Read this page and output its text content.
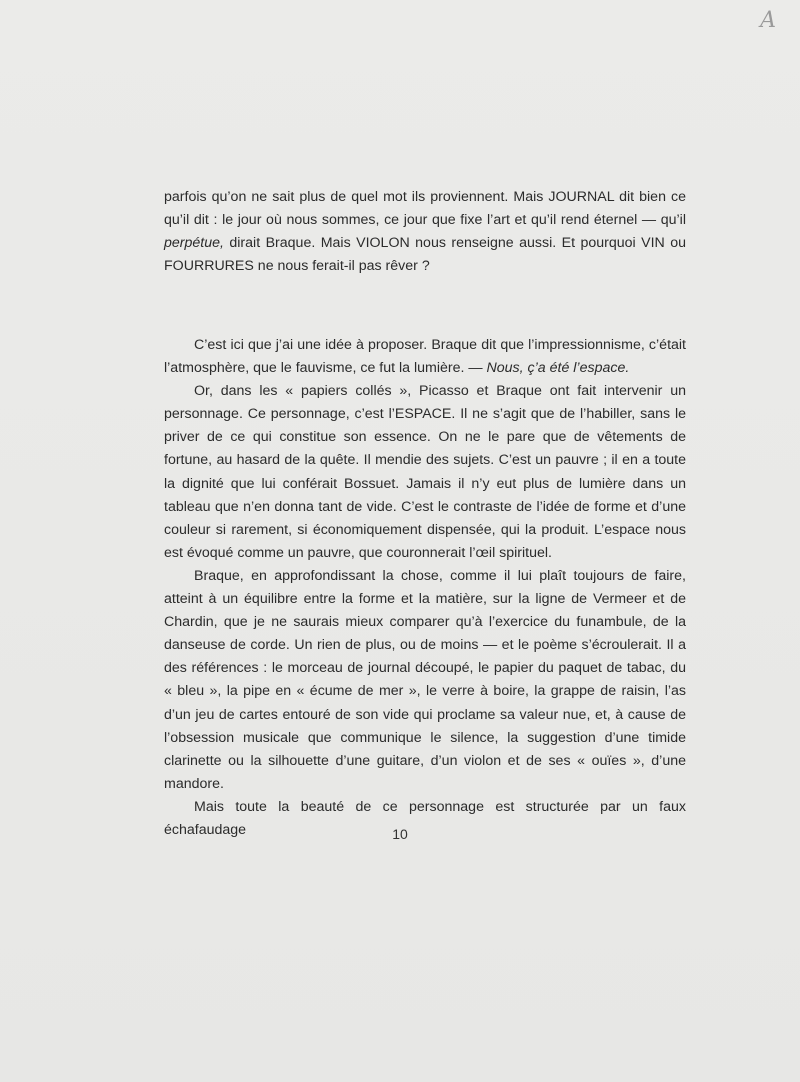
A

parfois qu’on ne sait plus de quel mot ils proviennent. Mais JOURNAL dit bien ce qu’il dit : le jour où nous sommes, ce jour que fixe l’art et qu’il rend éternel — qu’il perpétue, dirait Braque. Mais VIOLON nous renseigne aussi. Et pourquoi VIN ou FOURRURES ne nous ferait-il pas rêver ?

C’est ici que j’ai une idée à proposer. Braque dit que l’impressionnisme, c’était l’atmosphère, que le fauvisme, ce fut la lumière. — Nous, ç’a été l’espace.

Or, dans les « papiers collés », Picasso et Braque ont fait intervenir un personnage. Ce personnage, c’est l’ESPACE. Il ne s’agit que de l’habiller, sans le priver de ce qui constitue son essence. On ne le pare que de vêtements de fortune, au hasard de la quête. Il mendie des sujets. C’est un pauvre ; il en a toute la dignité que lui conférait Bossuet. Jamais il n’y eut plus de lumière dans un tableau que n’en donna tant de vide. C’est le contraste de l’idée de forme et d’une couleur si rarement, si économiquement dispensée, qui la produit. L’espace nous est évoqué comme un pauvre, que couronnerait l’œil spirituel.

Braque, en approfondissant la chose, comme il lui plaît toujours de faire, atteint à un équilibre entre la forme et la matière, sur la ligne de Vermeer et de Chardin, que je ne saurais mieux comparer qu’à l’exercice du funambule, de la danseuse de corde. Un rien de plus, ou de moins — et le poème s’écroulerait. Il a des références : le morceau de journal découpé, le papier du paquet de tabac, du « bleu », la pipe en « écume de mer », le verre à boire, la grappe de raisin, l’as d’un jeu de cartes entouré de son vide qui proclame sa valeur nue, et, à cause de l’obsession musicale que communique le silence, la suggestion d’une timide clarinette ou la silhouette d’une guitare, d’un violon et de ses « ouïes », d’une mandore.

Mais toute la beauté de ce personnage est structurée par un faux échafaudage	10
